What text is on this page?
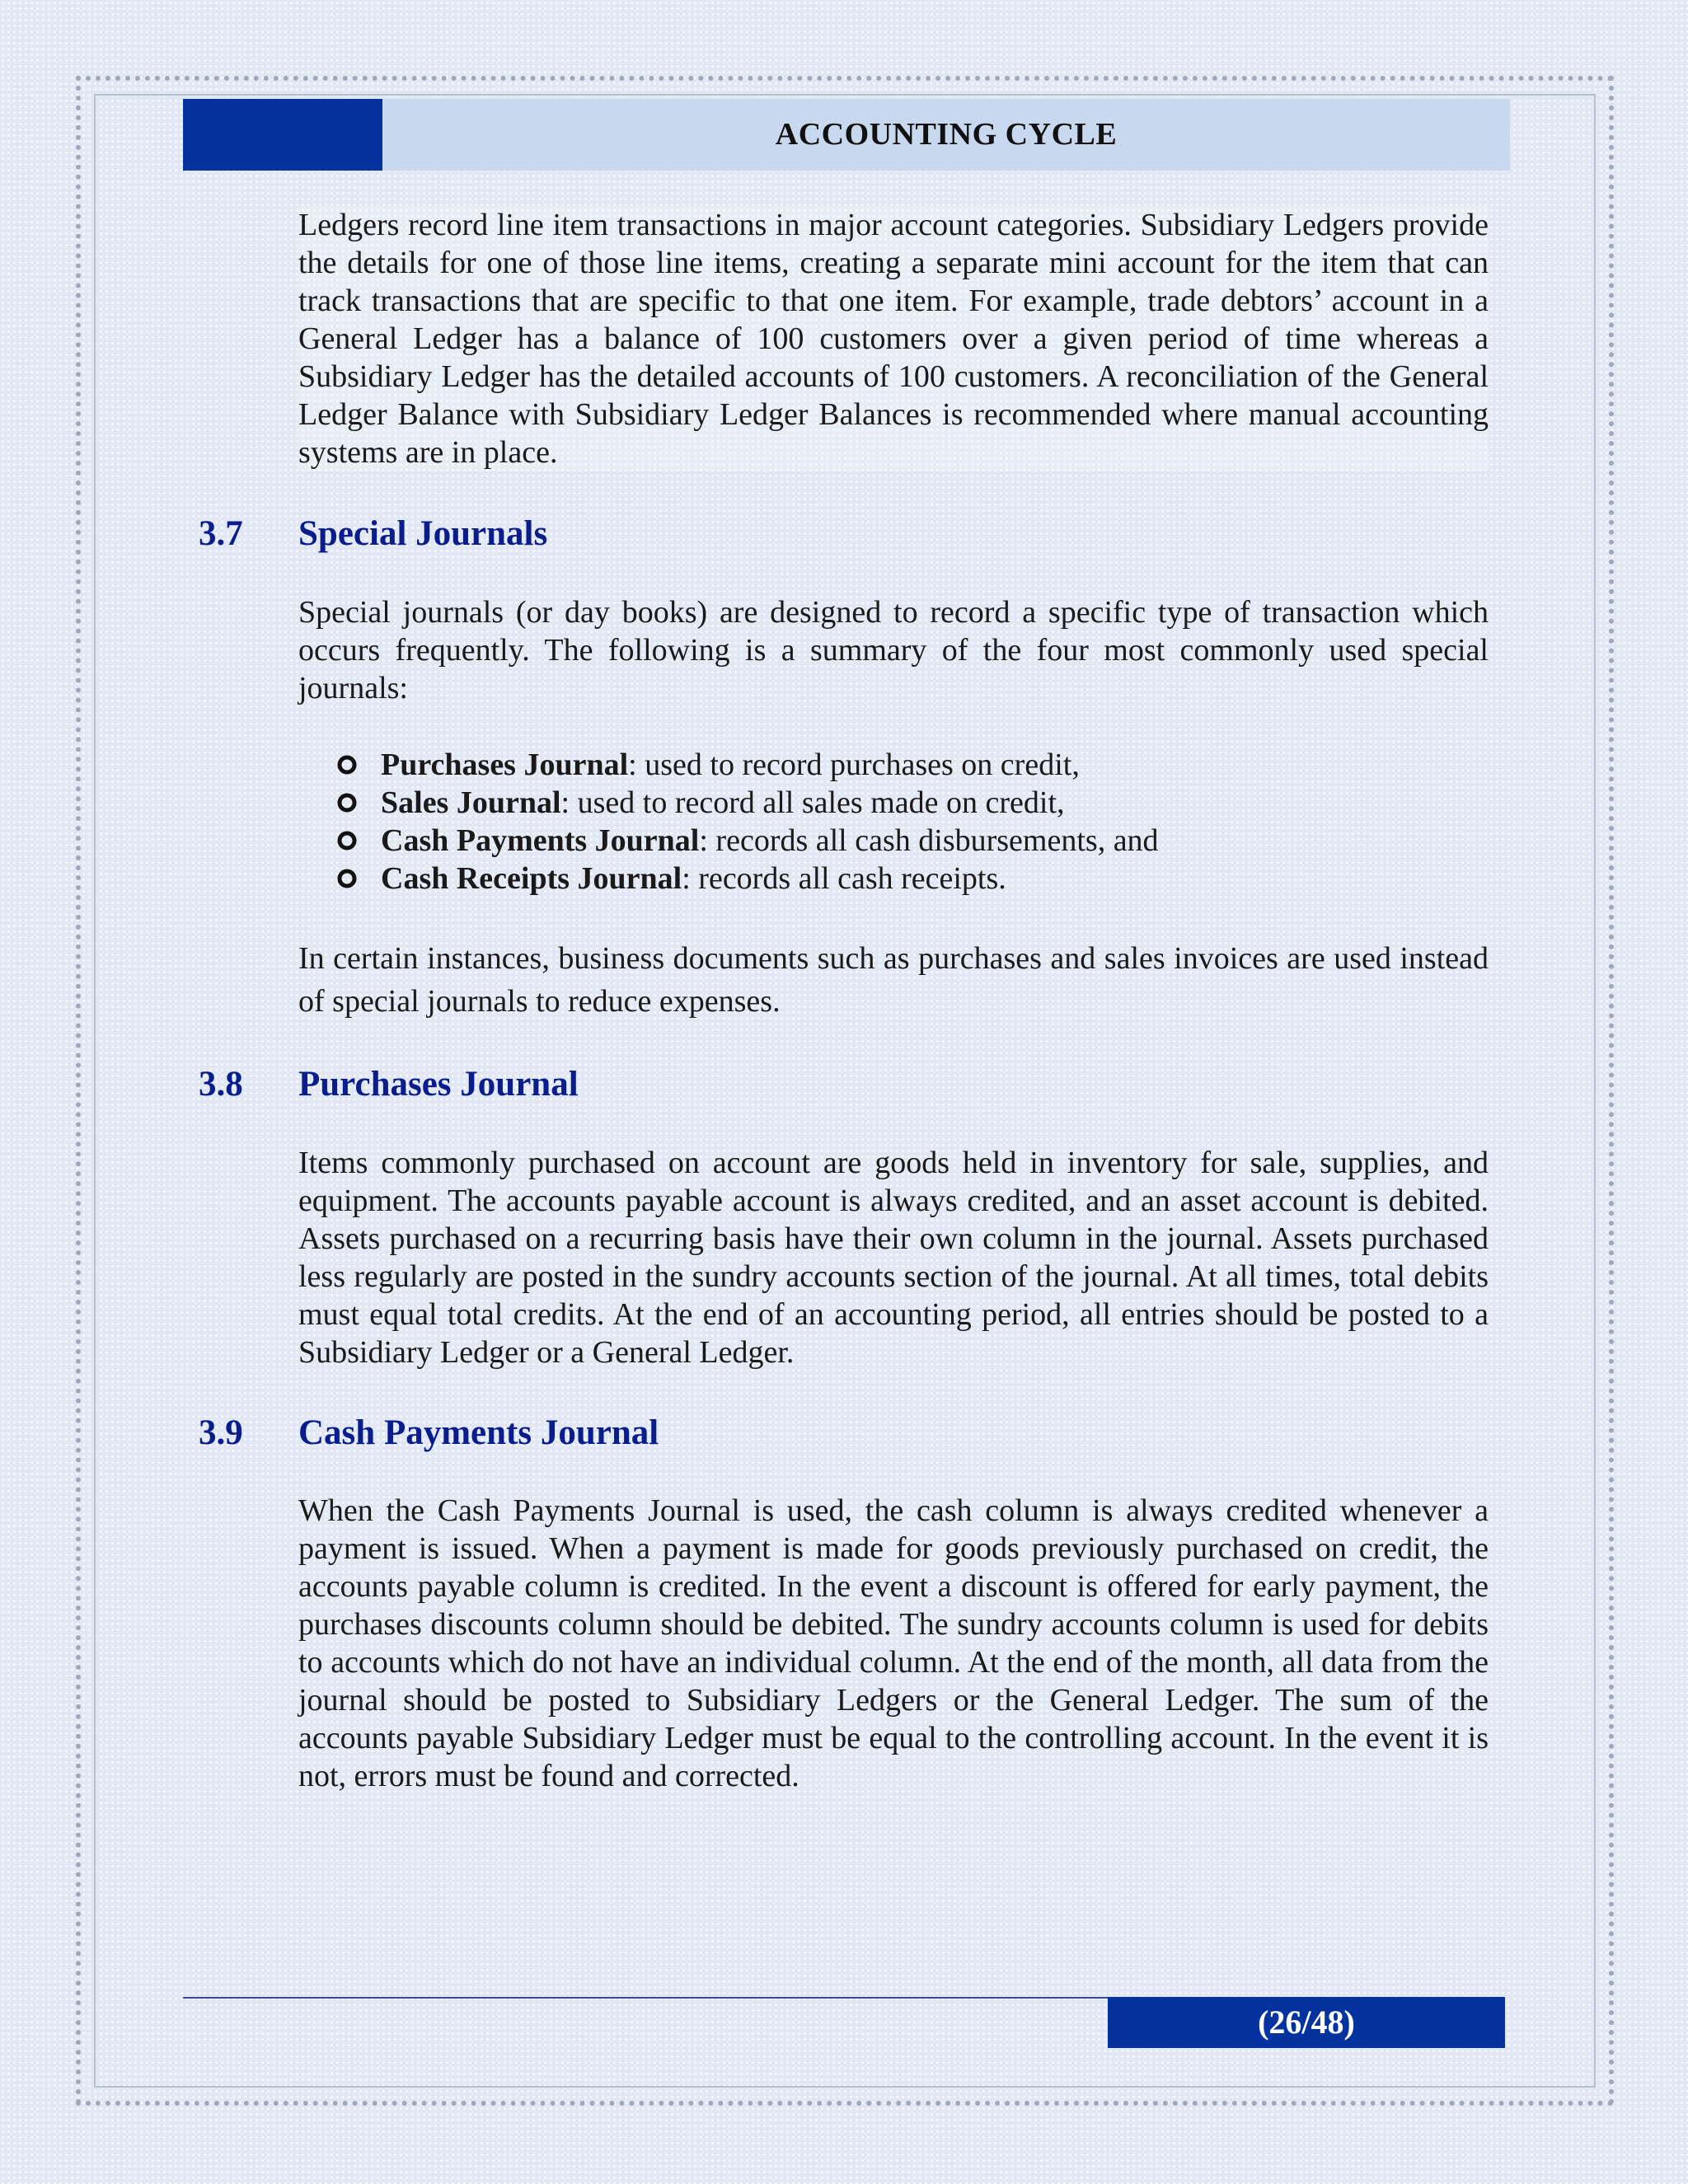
ACCOUNTING CYCLE

Ledgers record line item transactions in major account categories. Subsidiary Ledgers provide the details for one of those line items, creating a separate mini account for the item that can track transactions that are specific to that one item. For example, trade debtors’ account in a General Ledger has a balance of 100 customers over a given period of time whereas a Subsidiary Ledger has the detailed accounts of 100 customers. A reconciliation of the General Ledger Balance with Subsidiary Ledger Balances is recommended where manual accounting systems are in place.

3.7 Special Journals

Special journals (or day books) are designed to record a specific type of transaction which occurs frequently. The following is a summary of the four most commonly used special journals:

Purchases Journal: used to record purchases on credit,
Sales Journal: used to record all sales made on credit,
Cash Payments Journal: records all cash disbursements, and
Cash Receipts Journal: records all cash receipts.

In certain instances, business documents such as purchases and sales invoices are used instead of special journals to reduce expenses.

3.8 Purchases Journal

Items commonly purchased on account are goods held in inventory for sale, supplies, and equipment. The accounts payable account is always credited, and an asset account is debited. Assets purchased on a recurring basis have their own column in the journal. Assets purchased less regularly are posted in the sundry accounts section of the journal. At all times, total debits must equal total credits. At the end of an accounting period, all entries should be posted to a Subsidiary Ledger or a General Ledger.

3.9 Cash Payments Journal

When the Cash Payments Journal is used, the cash column is always credited whenever a payment is issued. When a payment is made for goods previously purchased on credit, the accounts payable column is credited. In the event a discount is offered for early payment, the purchases discounts column should be debited. The sundry accounts column is used for debits to accounts which do not have an individual column. At the end of the month, all data from the journal should be posted to Subsidiary Ledgers or the General Ledger. The sum of the accounts payable Subsidiary Ledger must be equal to the controlling account. In the event it is not, errors must be found and corrected.

(26/48)
